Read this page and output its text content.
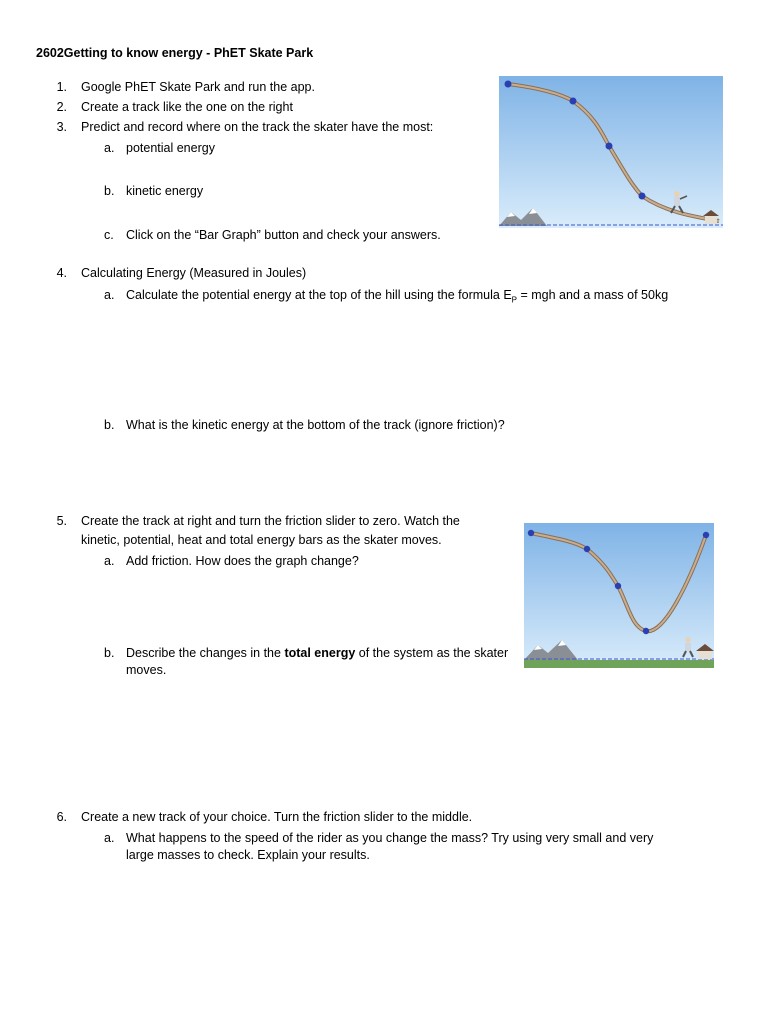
2602Getting to know energy - PhET Skate Park
1. Google PhET Skate Park and run the app.
2. Create a track like the one on the right
3. Predict and record where on the track the skater have the most:
a. potential energy
b. kinetic energy
c. Click on the “Bar Graph” button and check your answers.
4. Calculating Energy (Measured in Joules)
a. Calculate the potential energy at the top of the hill using the formula $E_P$ = mgh and a mass of 50kg
b. What is the kinetic energy at the bottom of the track (ignore friction)?
5. Create the track at right and turn the friction slider to zero. Watch the
kinetic, potential, heat and total energy bars as the skater moves.
a. Add friction. How does the graph change?
b. Describe the changes in the total energy of the system as the skater
moves.
6. Create a new track of your choice. Turn the friction slider to the middle.
a. What happens to the speed of the rider as you change the mass? Try using very small and very
large masses to check. Explain your results.
